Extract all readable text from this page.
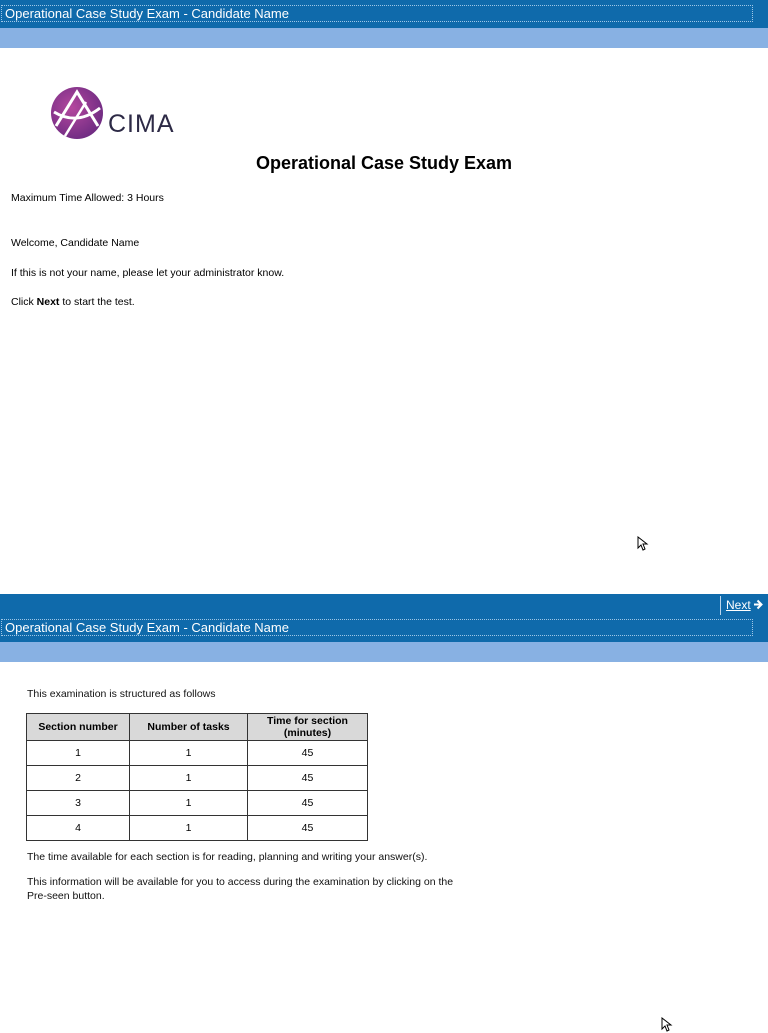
Operational Case Study Exam - Candidate Name
CIMA
Operational Case Study Exam

Maximum Time Allowed: 3 Hours

Welcome, Candidate Name

If this is not your name, please let your administrator know.

Click Next to start the test.

Next
Operational Case Study Exam - Candidate Name

This examination is structured as follows

Section number	Number of tasks	Time for section
(minutes)
1	1	45
2	1	45
3	1	45
4	1	45

The time available for each section is for reading, planning and writing your answer(s).

This information will be available for you to access during the examination by clicking on the

Pre-seen button.
